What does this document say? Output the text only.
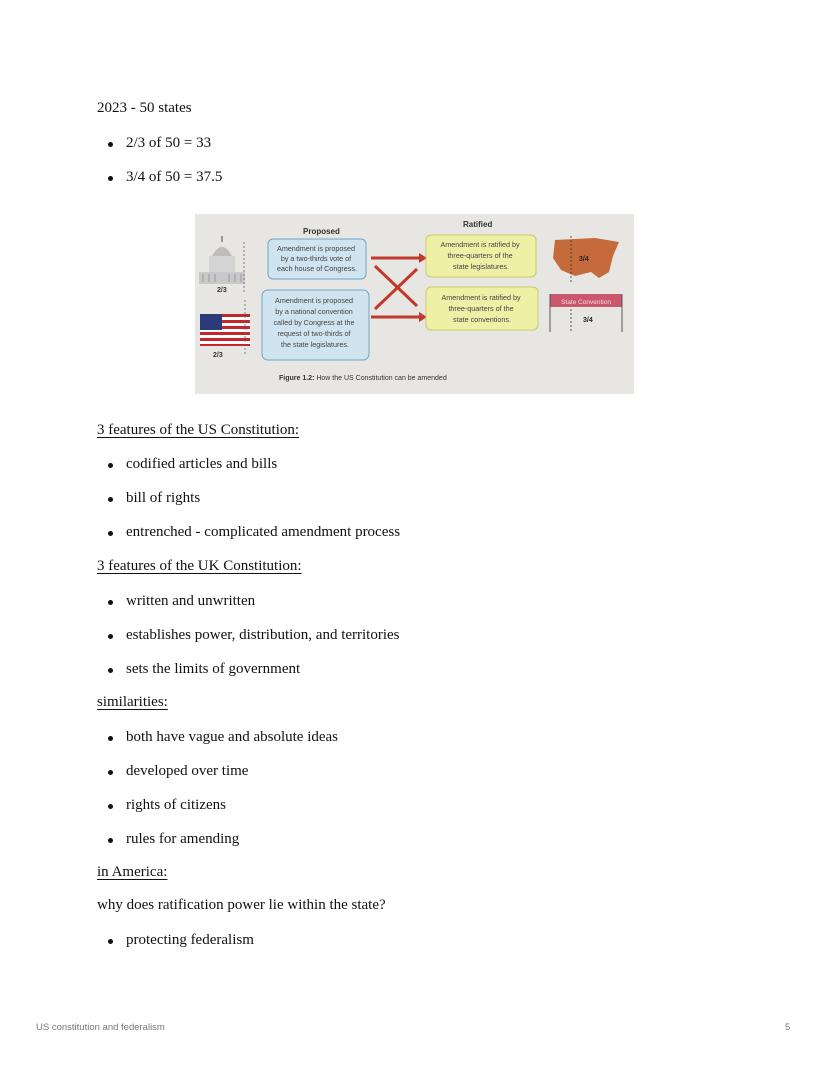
2023 - 50 states
2/3 of 50 = 33
3/4 of 50 = 37.5
Proposed
Ratified
2/3
2/3
Amendment is proposed by a two-thirds vote of each house of Congress.
Amendment is proposed by a national convention called by Congress at the request of two-thirds of the state legislatures.
Amendment is ratified by three-quarters of the state legislatures.
Amendment is ratified by three-quarters of the state conventions.
3/4
State Convention
3/4
Figure 1.2: How the US Constitution can be amended
3 features of the US Constitution:
codified articles and bills
bill of rights
entrenched - complicated amendment process
3 features of the UK Constitution:
written and unwritten
establishes power, distribution, and territories
sets the limits of government
similarities:
both have vague and absolute ideas
developed over time
rights of citizens
rules for amending
in America:
why does ratification power lie within the state?
protecting federalism
US constitution and federalism	5
